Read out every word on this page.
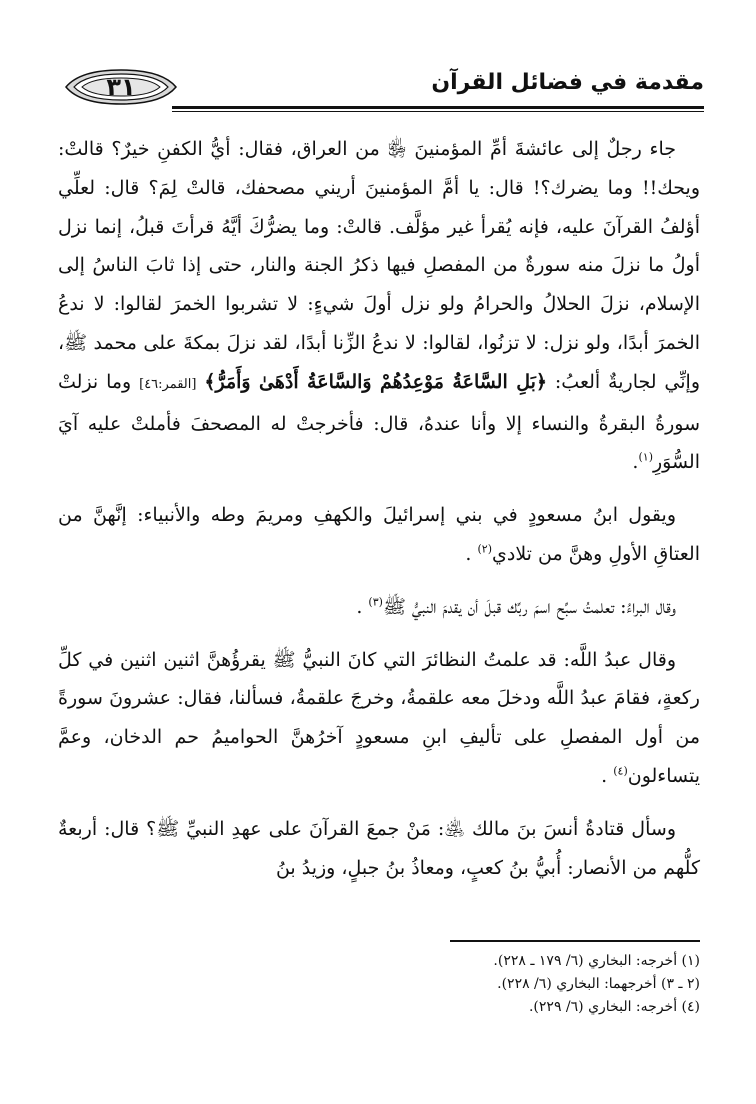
مقدمة في فضائل القرآن
٣١

جاء رجلٌ إلى عائشةَ أمِّ المؤمنينَ ﵂ من العراق، فقال: أيُّ الكفنِ خيرٌ؟ قالتْ: ويحك!! وما يضرك؟! قال: يا أمَّ المؤمنينَ أريني مصحفك، قالتْ لِمَ؟ قال: لعلِّي أؤلفُ القرآنَ عليه، فإنه يُقرأ غير مؤلَّف. قالتْ: وما يضرُّكَ أيَّهُ قرأتَ قبلُ، إنما نزل أولُ ما نزلَ منه سورةٌ من المفصلِ فيها ذكرُ الجنة والنار، حتى إذا ثابَ الناسُ إلى الإسلام، نزلَ الحلالُ والحرامُ ولو نزل أولَ شيءٍ: لا تشربوا الخمرَ لقالوا: لا ندعُ الخمرَ أبدًا، ولو نزل: لا تزنُوا، لقالوا: لا ندعُ الزِّنا أبدًا، لقد نزلَ بمكةَ على محمد ﷺ، وإنِّي لجاريةٌ ألعبُ: ﴿بَلِ السَّاعَةُ مَوْعِدُهُمْ وَالسَّاعَةُ أَدْهَىٰ وَأَمَرُّ﴾ [القمر:٤٦] وما نزلتْ سورةُ البقرةُ والنساء إلا وأنا عندهُ، قال: فأخرجتْ له المصحفَ فأملتْ عليه آيَ السُّوَرِ$^{(١)}$.

ويقول ابنُ مسعودٍ في بني إسرائيلَ والكهفِ ومريمَ وطه والأنبياء: إنَّهنَّ من العتاقِ الأولِ وهنَّ من تلادي$^{(٢)}$ .

وقال البراءُ: تعلمتُ سبِّح اسمَ ربِّك قبلَ أن يقدمَ النبيُّ ﷺ$^{(٣)}$ .

وقال عبدُ اللَّه: قد علمتُ النظائرَ التي كانَ النبيُّ ﷺ يقرؤُهنَّ اثنين اثنين في كلِّ ركعةٍ، فقامَ عبدُ اللَّه ودخلَ معه علقمةُ، وخرجَ علقمةُ، فسألنا، فقال: عشرونَ سورةً من أول المفصلِ على تأليفِ ابنِ مسعودٍ آخرُهنَّ الحواميمُ حم الدخان، وعمَّ يتساءلون$^{(٤)}$ .

وسأل قتادةُ أنسَ بنَ مالك ﵁: مَنْ جمعَ القرآنَ على عهدِ النبيِّ ﷺ؟ قال: أربعةٌ كلُّهم من الأنصار: أُبيُّ بنُ كعبٍ، ومعاذُ بنُ جبلٍ، وزيدُ بنُ

(١) أخرجه: البخاري (٦/ ١٧٩ ـ ٢٢٨).

(٢ ـ ٣) أخرجهما: البخاري (٦/ ٢٢٨).

(٤) أخرجه: البخاري (٦/ ٢٢٩).
